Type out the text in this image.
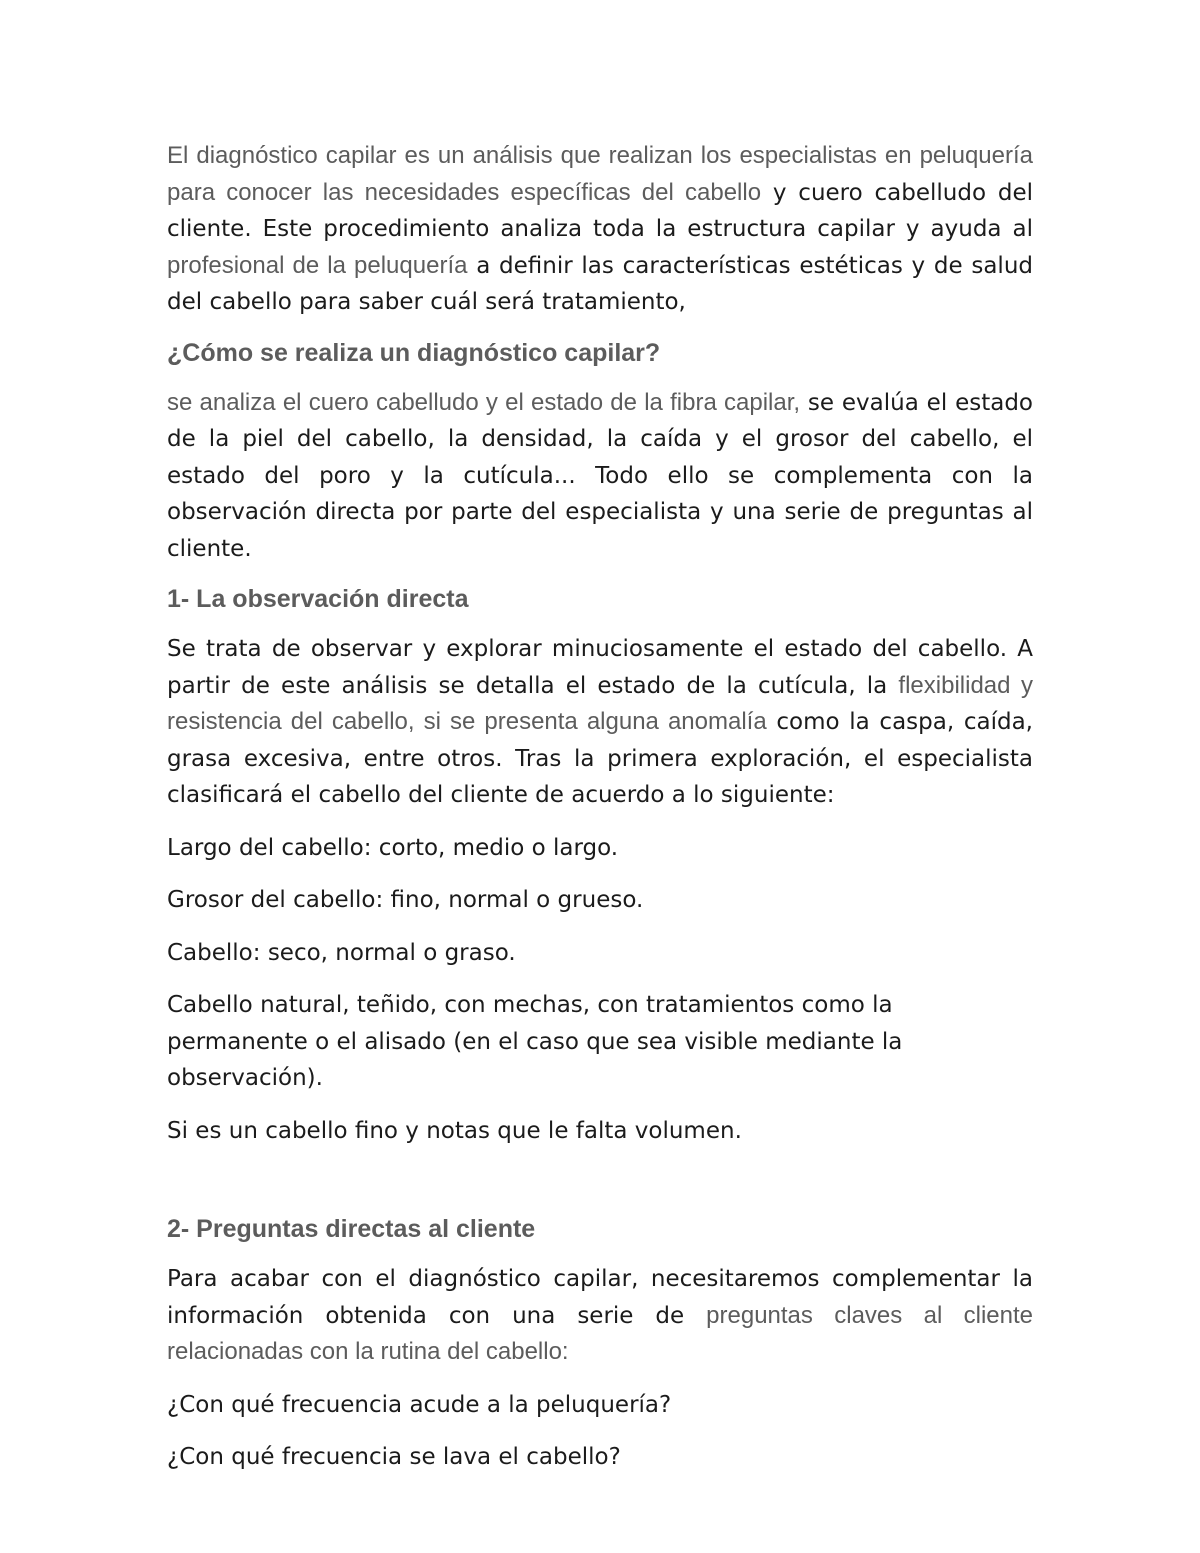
El diagnóstico capilar es un análisis que realizan los especialistas en peluquería para conocer las necesidades específicas del cabello y cuero cabelludo del cliente. Este procedimiento analiza toda la estructura capilar y ayuda al profesional de la peluquería a definir las características estéticas y de salud del cabello para saber cuál será tratamiento,

¿Cómo se realiza un diagnóstico capilar?

se analiza el cuero cabelludo y el estado de la fibra capilar, se evalúa el estado de la piel del cabello, la densidad, la caída y el grosor del cabello, el estado del poro y la cutícula... Todo ello se complementa con la observación directa por parte del especialista y una serie de preguntas al cliente.

1- La observación directa

Se trata de observar y explorar minuciosamente el estado del cabello. A partir de este análisis se detalla el estado de la cutícula, la flexibilidad y resistencia del cabello, si se presenta alguna anomalía como la caspa, caída, grasa excesiva, entre otros. Tras la primera exploración, el especialista clasificará el cabello del cliente de acuerdo a lo siguiente:

Largo del cabello: corto, medio o largo.

Grosor del cabello: fino, normal o grueso.

Cabello: seco, normal o graso.

Cabello natural, teñido, con mechas, con tratamientos como la permanente o el alisado (en el caso que sea visible mediante la observación).

Si es un cabello fino y notas que le falta volumen.

2- Preguntas directas al cliente

Para acabar con el diagnóstico capilar, necesitaremos complementar la información obtenida con una serie de preguntas claves al cliente relacionadas con la rutina del cabello:

¿Con qué frecuencia acude a la peluquería?

¿Con qué frecuencia se lava el cabello?
